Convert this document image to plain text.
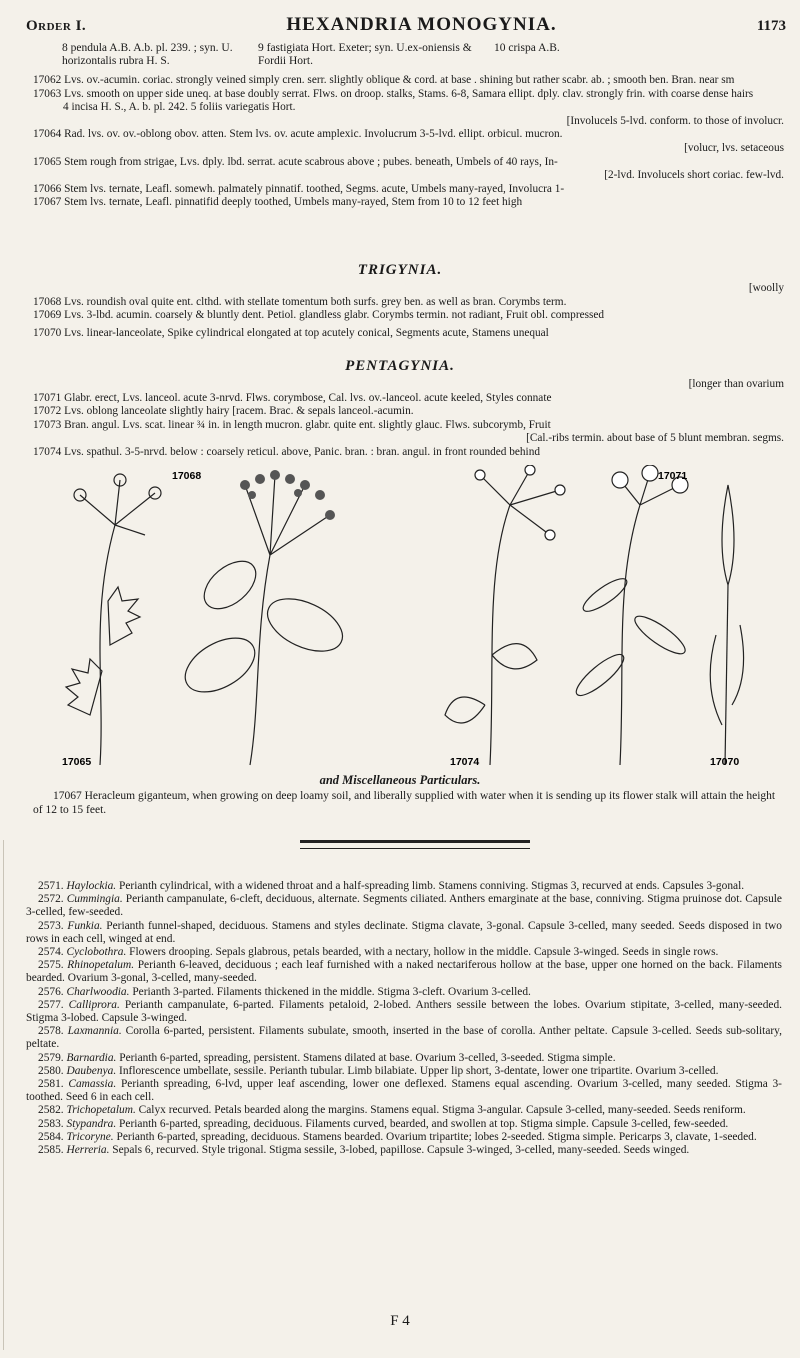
Order I.	HEXANDRIA MONOGYNIA.	1173
8 pendula A.B. A.b. pl. 239. ; syn. U. horizontalis rubra H. S.
9 fastigiata Hort. Exeter; syn. U.ex-oniensis & Fordii Hort.
10 crispa A.B.

17062 Lvs. ov.-acumin. coriac. strongly veined simply cren. serr. slightly oblique & cord. at base . shining but rather scabr. ab. ; smooth ben. Bran. near sm

17063 Lvs. smooth on upper side uneq. at base doubly serrat. Flws. on droop. stalks, Stams. 6-8, Samara ellipt. dply. clav. strongly frin. with coarse dense hairs

4 incisa H. S., A. b. pl. 242. 5 foliis variegatis Hort.

[Involucels 5-lvd. conform. to those of involucr.

17064 Rad. lvs. ov. ov.-oblong obov. atten. Stem lvs. ov. acute amplexic. Involucrum 3-5-lvd. ellipt. orbicul. mucron.

[volucr, lvs. setaceous

17065 Stem rough from strigae, Lvs. dply. lbd. serrat. acute scabrous above ; pubes. beneath, Umbels of 40 rays, In-

[2-lvd. Involucels short coriac. few-lvd.

17066 Stem lvs. ternate, Leafl. somewh. palmately pinnatif. toothed, Segms. acute, Umbels many-rayed, Involucra 1-

17067 Stem lvs. ternate, Leafl. pinnatifid deeply toothed, Umbels many-rayed, Stem from 10 to 12 feet high

TRIGYNIA.

[woolly

17068 Lvs. roundish oval quite ent. clthd. with stellate tomentum both surfs. grey ben. as well as bran. Corymbs term.

17069 Lvs. 3-lbd. acumin. coarsely & bluntly dent. Petiol. glandless glabr. Corymbs termin. not radiant, Fruit obl. compressed

17070 Lvs. linear-lanceolate, Spike cylindrical elongated at top acutely conical, Segments acute, Stamens unequal

PENTAGYNIA.

[longer than ovarium

17071 Glabr. erect, Lvs. lanceol. acute 3-nrvd. Flws. corymbose, Cal. lvs. ov.-lanceol. acute keeled, Styles connate

17072 Lvs. oblong lanceolate slightly hairy [racem. Brac. & sepals lanceol.-acumin.

17073 Bran. angul. Lvs. scat. linear ¾ in. in length mucron. glabr. quite ent. slightly glauc. Flws. subcorymb, Fruit

[Cal.-ribs termin. about base of 5 blunt membran. segms.

17074 Lvs. spathul. 3-5-nrvd. below : coarsely reticul. above, Panic. bran. : bran. angul. in front rounded behind

17068	17071
17065	17074	17070
and Miscellaneous Particulars.
17067 Heracleum giganteum, when growing on deep loamy soil, and liberally supplied with water when it is sending up its flower stalk will attain the height of 12 to 15 feet.

2571. Haylockia. Perianth cylindrical, with a widened throat and a half-spreading limb. Stamens conniving. Stigmas 3, recurved at ends. Capsules 3-gonal.

2572. Cummingia. Perianth campanulate, 6-cleft, deciduous, alternate. Segments ciliated. Anthers emarginate at the base, conniving. Stigma pruinose dot. Capsule 3-celled, few-seeded.

2573. Funkia. Perianth funnel-shaped, deciduous. Stamens and styles declinate. Stigma clavate, 3-gonal. Capsule 3-celled, many seeded. Seeds disposed in two rows in each cell, winged at end.

2574. Cyclobothra. Flowers drooping. Sepals glabrous, petals bearded, with a nectary, hollow in the middle. Capsule 3-winged. Seeds in single rows.

2575. Rhinopetalum. Perianth 6-leaved, deciduous ; each leaf furnished with a naked nectariferous hollow at the base, upper one horned on the back. Filaments bearded. Ovarium 3-gonal, 3-celled, many-seeded.

2576. Charlwoodia. Perianth 3-parted. Filaments thickened in the middle. Stigma 3-cleft. Ovarium 3-celled.

2577. Calliprora. Perianth campanulate, 6-parted. Filaments petaloid, 2-lobed. Anthers sessile between the lobes. Ovarium stipitate, 3-celled, many-seeded. Stigma 3-lobed. Capsule 3-winged.

2578. Laxmannia. Corolla 6-parted, persistent. Filaments subulate, smooth, inserted in the base of corolla. Anther peltate. Capsule 3-celled. Seeds sub-solitary, peltate.

2579. Barnardia. Perianth 6-parted, spreading, persistent. Stamens dilated at base. Ovarium 3-celled, 3-seeded. Stigma simple.

2580. Daubenya. Inflorescence umbellate, sessile. Perianth tubular. Limb bilabiate. Upper lip short, 3-dentate, lower one tripartite. Ovarium 3-celled.

2581. Camassia. Perianth spreading, 6-lvd, upper leaf ascending, lower one deflexed. Stamens equal ascending. Ovarium 3-celled, many seeded. Stigma 3-toothed. Seed 6 in each cell.

2582. Trichopetalum. Calyx recurved. Petals bearded along the margins. Stamens equal. Stigma 3-angular. Capsule 3-celled, many-seeded. Seeds reniform.

2583. Stypandra. Perianth 6-parted, spreading, deciduous. Filaments curved, bearded, and swollen at top. Stigma simple. Capsule 3-celled, few-seeded.

2584. Tricoryne. Perianth 6-parted, spreading, deciduous. Stamens bearded. Ovarium tripartite; lobes 2-seeded. Stigma simple. Pericarps 3, clavate, 1-seeded.

2585. Herreria. Sepals 6, recurved. Style trigonal. Stigma sessile, 3-lobed, papillose. Capsule 3-winged, 3-celled, many-seeded. Seeds winged.

F 4
